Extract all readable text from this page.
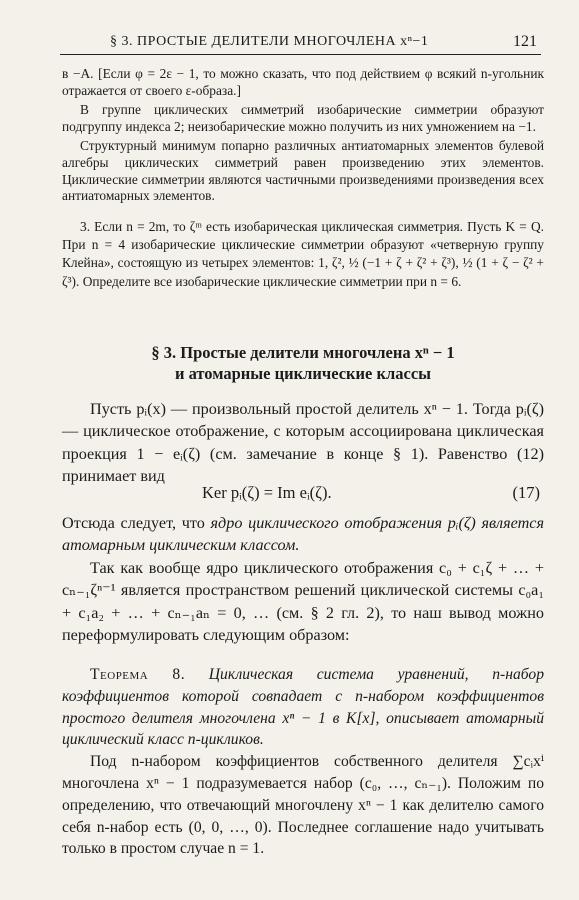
§ 3. ПРОСТЫЕ ДЕЛИТЕЛИ МНОГОЧЛЕНА xⁿ−1	121

в −A. [Если φ = 2ε − 1, то можно сказать, что под действием φ всякий n-угольник отражается от своего ε-образа.]

В группе циклических симметрий изобарические симметрии образуют подгруппу индекса 2; неизобарические можно получить из них умножением на −1.

Структурный минимум попарно различных антиатомарных элементов булевой алгебры циклических симметрий равен произведению этих элементов. Циклические симметрии являются частичными произведениями произведения всех антиатомарных элементов.

3. Если n = 2m, то ζᵐ есть изобарическая циклическая симметрия. Пусть K = Q. При n = 4 изобарические циклические симметрии образуют «четверную группу Клейна», состоящую из четырех элементов: 1, ζ², ½ (−1 + ζ + ζ² + ζ³), ½ (1 + ζ − ζ² + ζ³). Определите все изобарические циклические симметрии при n = 6.

§ 3. Простые делители многочлена xⁿ − 1
и атомарные циклические классы

Пусть pᵢ(x) — произвольный простой делитель xⁿ − 1. Тогда pᵢ(ζ) — циклическое отображение, с которым ассоциирована циклическая проекция 1 − eᵢ(ζ) (см. замечание в конце § 1). Равенство (12) принимает вид

Ker pᵢ(ζ) = Im eᵢ(ζ).	(17)

Отсюда следует, что ядро циклического отображения pᵢ(ζ) является атомарным циклическим классом.

Так как вообще ядро циклического отображения c₀ + c₁ζ + … + cₙ₋₁ζⁿ⁻¹ является пространством решений циклической системы c₀a₁ + c₁a₂ + … + cₙ₋₁aₙ = 0, … (см. § 2 гл. 2), то наш вывод можно переформулировать следующим образом:

Теорема 8. Циклическая система уравнений, n-набор коэффициентов которой совпадает с n-набором коэффициентов простого делителя многочлена xⁿ − 1 в K[x], описывает атомарный циклический класс n-цикликов.

Под n-набором коэффициентов собственного делителя ∑cᵢxⁱ многочлена xⁿ − 1 подразумевается набор (c₀, …, cₙ₋₁). Положим по определению, что отвечающий многочлену xⁿ − 1 как делителю самого себя n-набор есть (0, 0, …, 0). Последнее соглашение надо учитывать только в простом случае n = 1.
